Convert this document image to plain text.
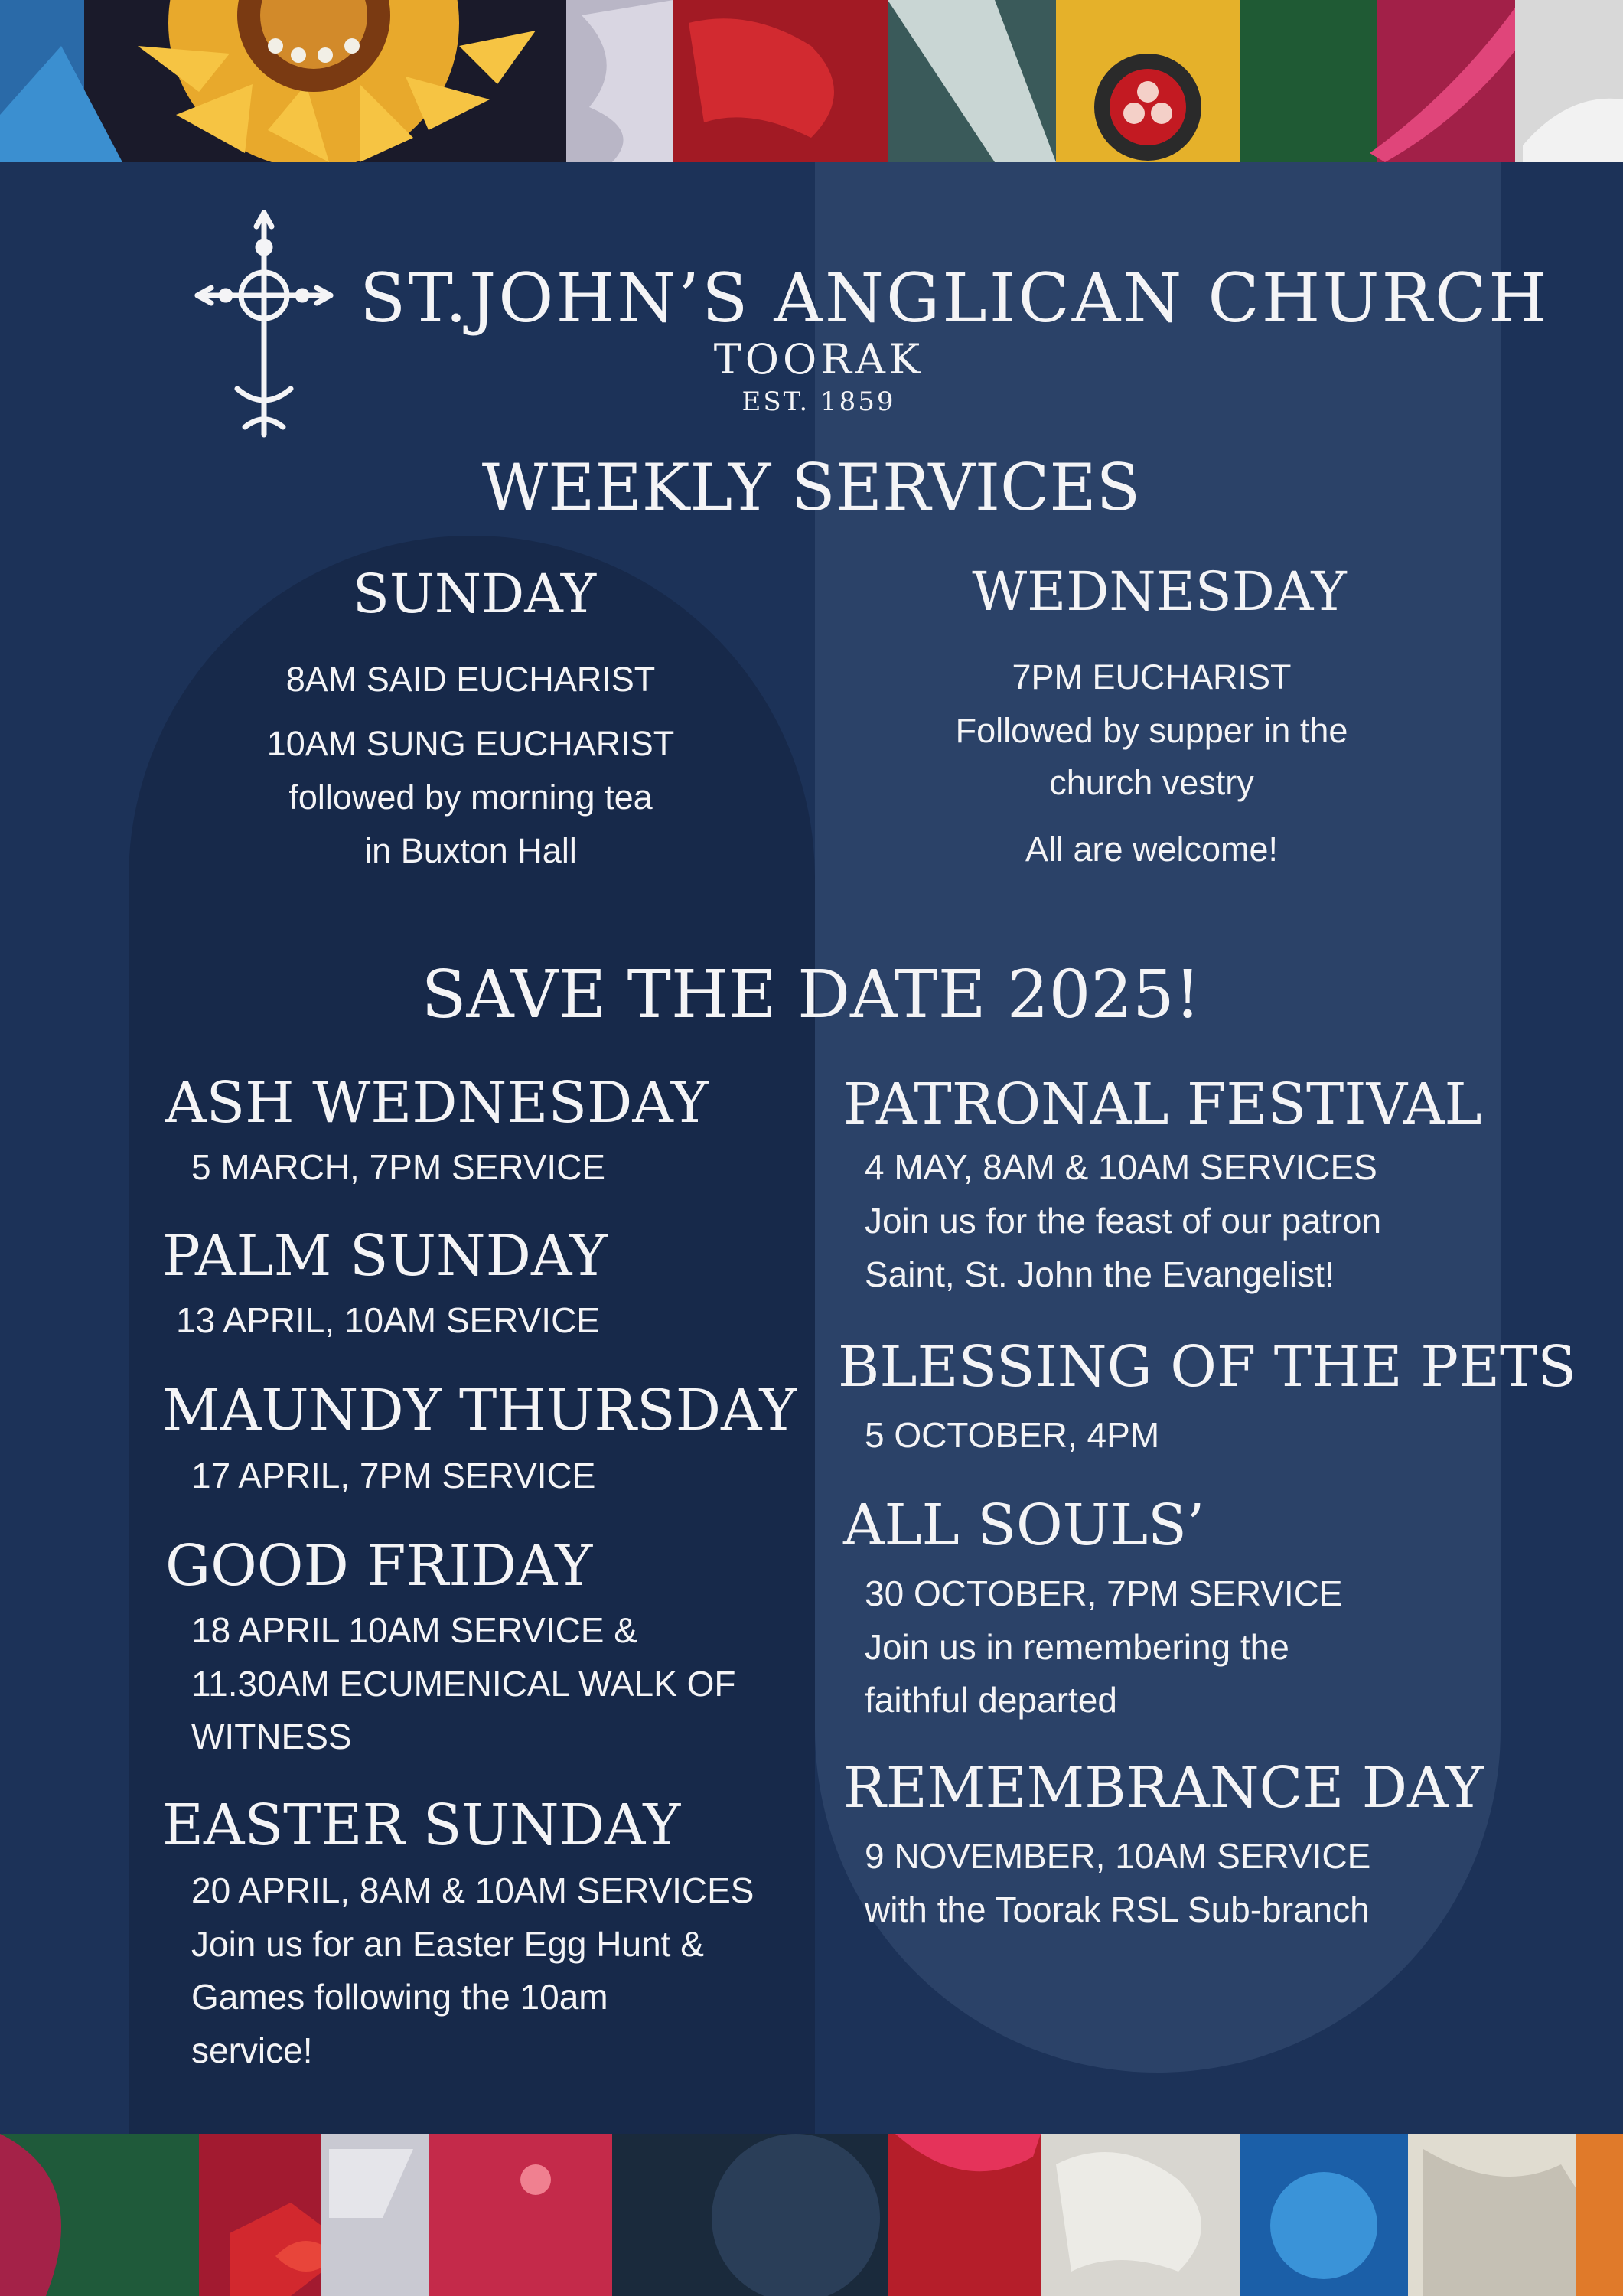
ST.JOHN’S ANGLICAN CHURCH
TOORAK
EST. 1859
WEEKLY SERVICES
SUNDAY
8AM SAID EUCHARIST
10AM SUNG EUCHARIST
followed by morning tea
in Buxton Hall
WEDNESDAY
7PM EUCHARIST
Followed by supper in the
church vestry
All are welcome!
SAVE THE DATE 2025!
ASH WEDNESDAY
5 MARCH, 7PM SERVICE
PALM SUNDAY
13 APRIL, 10AM SERVICE
MAUNDY THURSDAY
17 APRIL, 7PM SERVICE
GOOD FRIDAY
18 APRIL 10AM SERVICE &
11.30AM ECUMENICAL WALK OF
WITNESS
EASTER SUNDAY
20 APRIL, 8AM & 10AM SERVICES
Join us for an Easter Egg Hunt &
Games following the 10am
service!
PATRONAL FESTIVAL
4 MAY, 8AM & 10AM SERVICES
Join us for the feast of our patron
Saint, St. John the Evangelist!
BLESSING OF THE PETS
5 OCTOBER, 4PM
ALL SOULS’
30 OCTOBER, 7PM SERVICE
Join us in remembering the
faithful departed
REMEMBRANCE DAY
9 NOVEMBER, 10AM SERVICE
with the Toorak RSL Sub-branch
